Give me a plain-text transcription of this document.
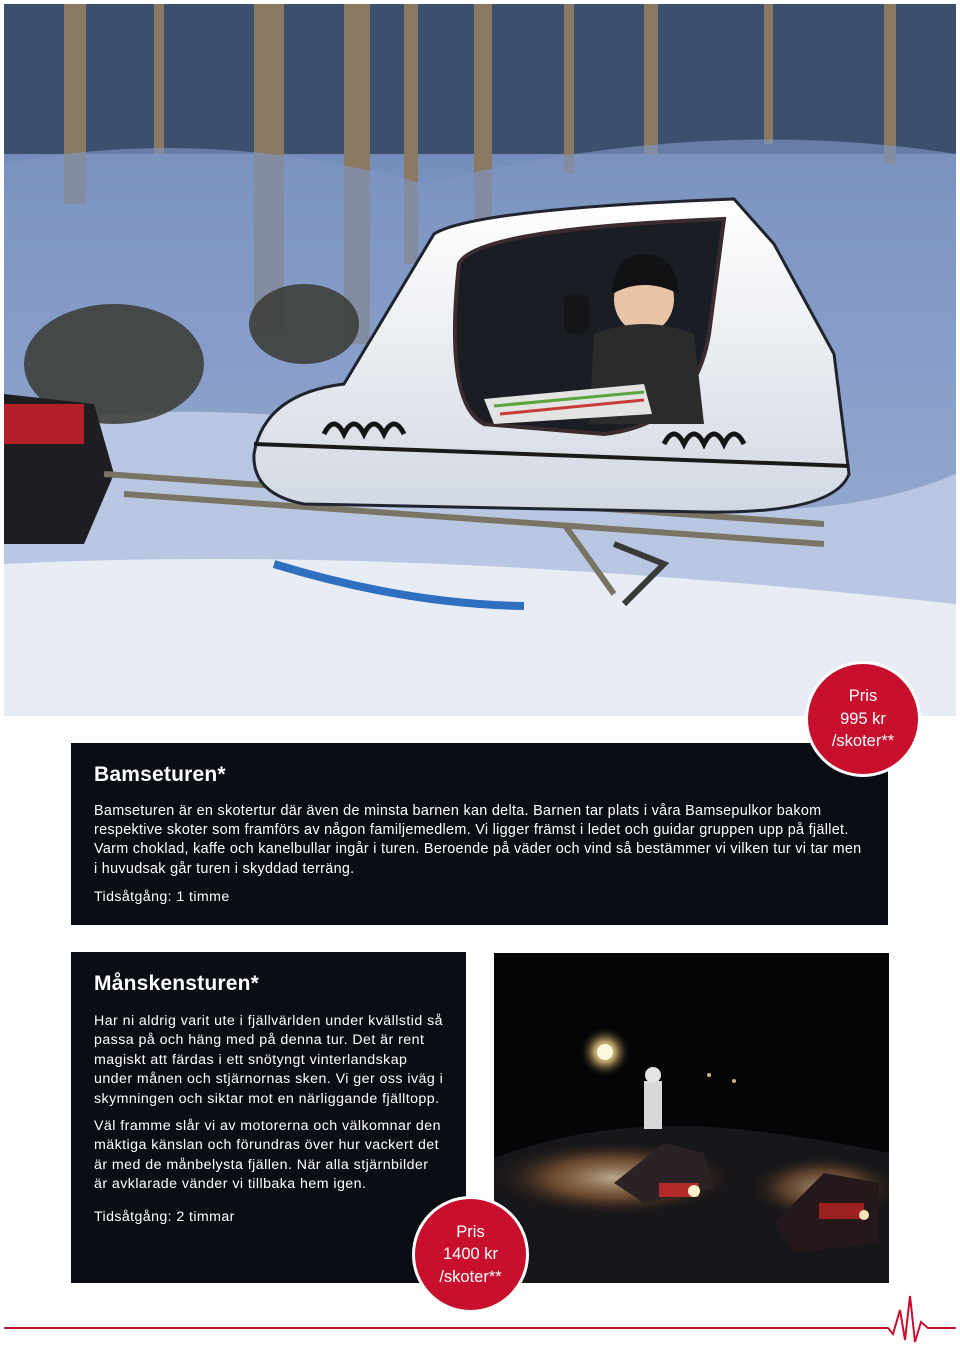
Bamseturen*

Bamseturen är en skotertur där även de minsta barnen kan delta. Barnen tar plats i våra Bamsepulkor bakom respektive skoter som framförs av någon familjemedlem. Vi ligger främst i ledet och guidar gruppen upp på fjället. Varm choklad, kaffe och kanelbullar ingår i turen. Beroende på väder och vind så bestämmer vi vilken tur vi tar men i huvudsak går turen i skyddad terräng.

Tidsåtgång: 1 timme

Pris
995 kr
/skoter**
Månskensturen*

Har ni aldrig varit ute i fjällvärlden under kvällstid så passa på och häng med på denna tur. Det är rent magiskt att färdas i ett snötyngt vinterlandskap under månen och stjärnornas sken. Vi ger oss iväg i skymningen och siktar mot en närliggande fjälltopp.

Väl framme slår vi av motorerna och välkomnar den mäktiga känslan och förundras över hur vackert det är med de månbelysta fjällen. När alla stjärnbilder är avklarade vänder vi tillbaka hem igen.

Tidsåtgång: 2 timmar

Pris
1400 kr
/skoter**
